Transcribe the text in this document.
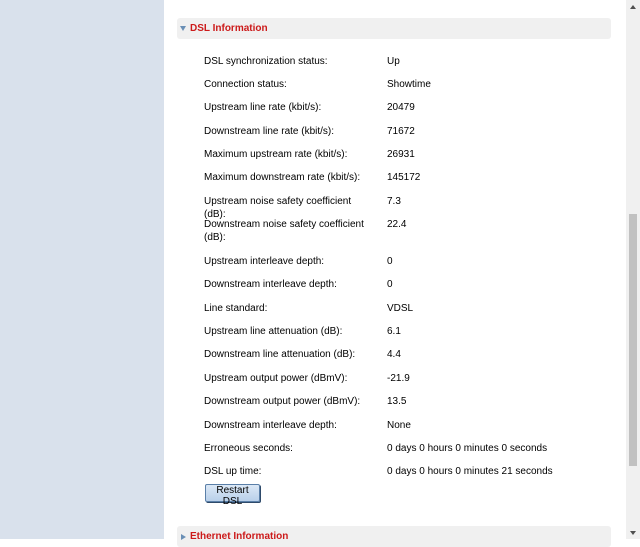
DSL Information
DSL synchronization status:	Up
Connection status:	Showtime
Upstream line rate (kbit/s):	20479
Downstream line rate (kbit/s):	71672
Maximum upstream rate (kbit/s):	26931
Maximum downstream rate (kbit/s):	145172
Upstream noise safety coefficient (dB):
7.3
Downstream noise safety coefficient (dB):
22.4
Upstream interleave depth:	0
Downstream interleave depth:	0
Line standard:	VDSL
Upstream line attenuation (dB):	6.1
Downstream line attenuation (dB):	4.4
Upstream output power (dBmV):	-21.9
Downstream output power (dBmV):	13.5
Downstream interleave depth:	None
Erroneous seconds:	0 days 0 hours 0 minutes 0 seconds
DSL up time:	0 days 0 hours 0 minutes 21 seconds
Restart DSL
Ethernet Information
